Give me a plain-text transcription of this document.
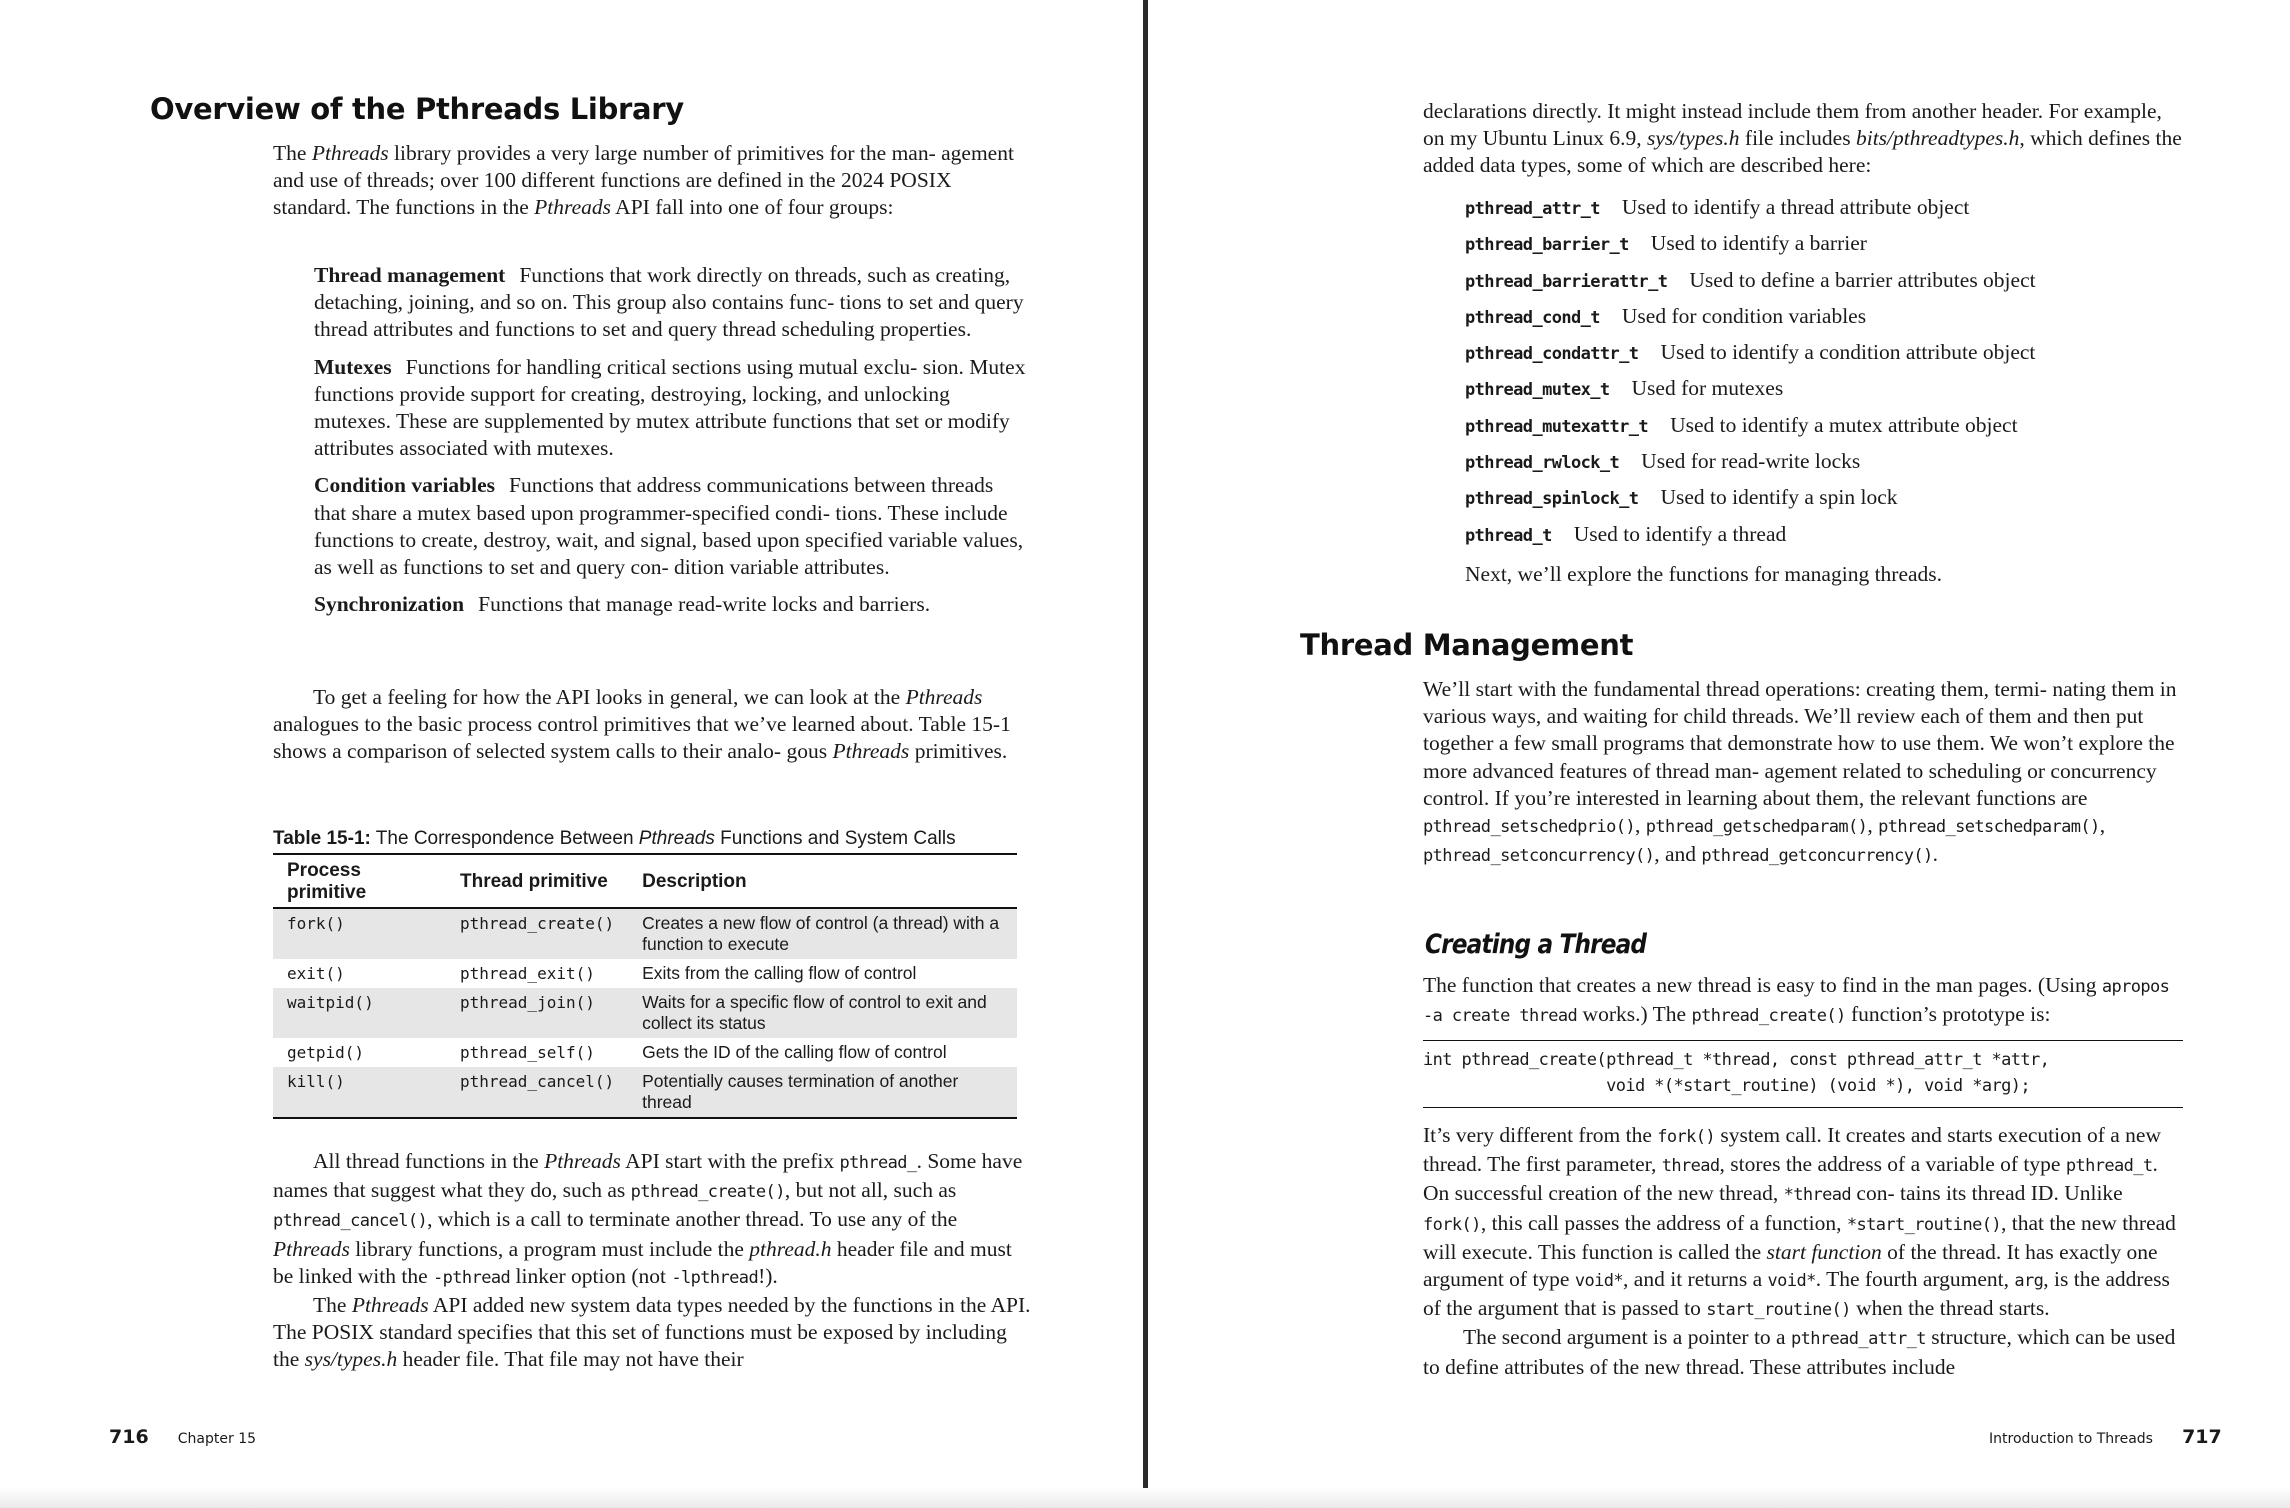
Overview of the Pthreads Library

The Pthreads library provides a very large number of primitives for the man- agement and use of threads; over 100 different functions are defined in the 2024 POSIX standard. The functions in the Pthreads API fall into one of four groups:

Thread management Functions that work directly on threads, such as creating, detaching, joining, and so on. This group also contains func- tions to set and query thread attributes and functions to set and query thread scheduling properties.

Mutexes Functions for handling critical sections using mutual exclu- sion. Mutex functions provide support for creating, destroying, locking, and unlocking mutexes. These are supplemented by mutex attribute functions that set or modify attributes associated with mutexes.

Condition variables Functions that address communications between threads that share a mutex based upon programmer-specified condi- tions. These include functions to create, destroy, wait, and signal, based upon specified variable values, as well as functions to set and query con- dition variable attributes.

Synchronization Functions that manage read-write locks and barriers.

To get a feeling for how the API looks in general, we can look at the Pthreads analogues to the basic process control primitives that we’ve learned about. Table 15-1 shows a comparison of selected system calls to their analo- gous Pthreads primitives.

Table 15-1: The Correspondence Between Pthreads Functions and System Calls
Process primitive	Thread primitive	Description
fork()	pthread_create()	Creates a new flow of control (a thread) with a function to execute
exit()	pthread_exit()	Exits from the calling flow of control
waitpid()	pthread_join()	Waits for a specific flow of control to exit and collect its status
getpid()	pthread_self()	Gets the ID of the calling flow of control
kill()	pthread_cancel()	Potentially causes termination of another thread

All thread functions in the Pthreads API start with the prefix pthread_. Some have names that suggest what they do, such as pthread_create(), but not all, such as pthread_cancel(), which is a call to terminate another thread. To use any of the Pthreads library functions, a program must include the pthread.h header file and must be linked with the -pthread linker option (not -lpthread!).

The Pthreads API added new system data types needed by the functions in the API. The POSIX standard specifies that this set of functions must be exposed by including the sys/types.h header file. That file may not have their

716 Chapter 15

declarations directly. It might instead include them from another header. For example, on my Ubuntu Linux 6.9, sys/types.h file includes bits/pthreadtypes.h, which defines the added data types, some of which are described here:

pthread_attr_t Used to identify a thread attribute object
pthread_barrier_t Used to identify a barrier
pthread_barrierattr_t Used to define a barrier attributes object
pthread_cond_t Used for condition variables
pthread_condattr_t Used to identify a condition attribute object
pthread_mutex_t Used for mutexes
pthread_mutexattr_t Used to identify a mutex attribute object
pthread_rwlock_t Used for read-write locks
pthread_spinlock_t Used to identify a spin lock
pthread_t Used to identify a thread
Next, we’ll explore the functions for managing threads.
Thread Management

We’ll start with the fundamental thread operations: creating them, termi- nating them in various ways, and waiting for child threads. We’ll review each of them and then put together a few small programs that demonstrate how to use them. We won’t explore the more advanced features of thread man- agement related to scheduling or concurrency control. If you’re interested in learning about them, the relevant functions are pthread_setschedprio(), pthread_getschedparam(), pthread_setschedparam(), pthread_setconcurrency(), and pthread_getconcurrency().

Creating a Thread

The function that creates a new thread is easy to find in the man pages. (Using apropos -a create thread works.) The pthread_create() function’s prototype is:

int pthread_create(pthread_t *thread, const pthread_attr_t *attr,
void *(*start_routine) (void *), void *arg);

It’s very different from the fork() system call. It creates and starts execution of a new thread. The first parameter, thread, stores the address of a variable of type pthread_t. On successful creation of the new thread, *thread con- tains its thread ID. Unlike fork(), this call passes the address of a function, *start_routine(), that the new thread will execute. This function is called the start function of the thread. It has exactly one argument of type void*, and it returns a void*. The fourth argument, arg, is the address of the argument that is passed to start_routine() when the thread starts.

The second argument is a pointer to a pthread_attr_t structure, which can be used to define attributes of the new thread. These attributes include

Introduction to Threads 717
